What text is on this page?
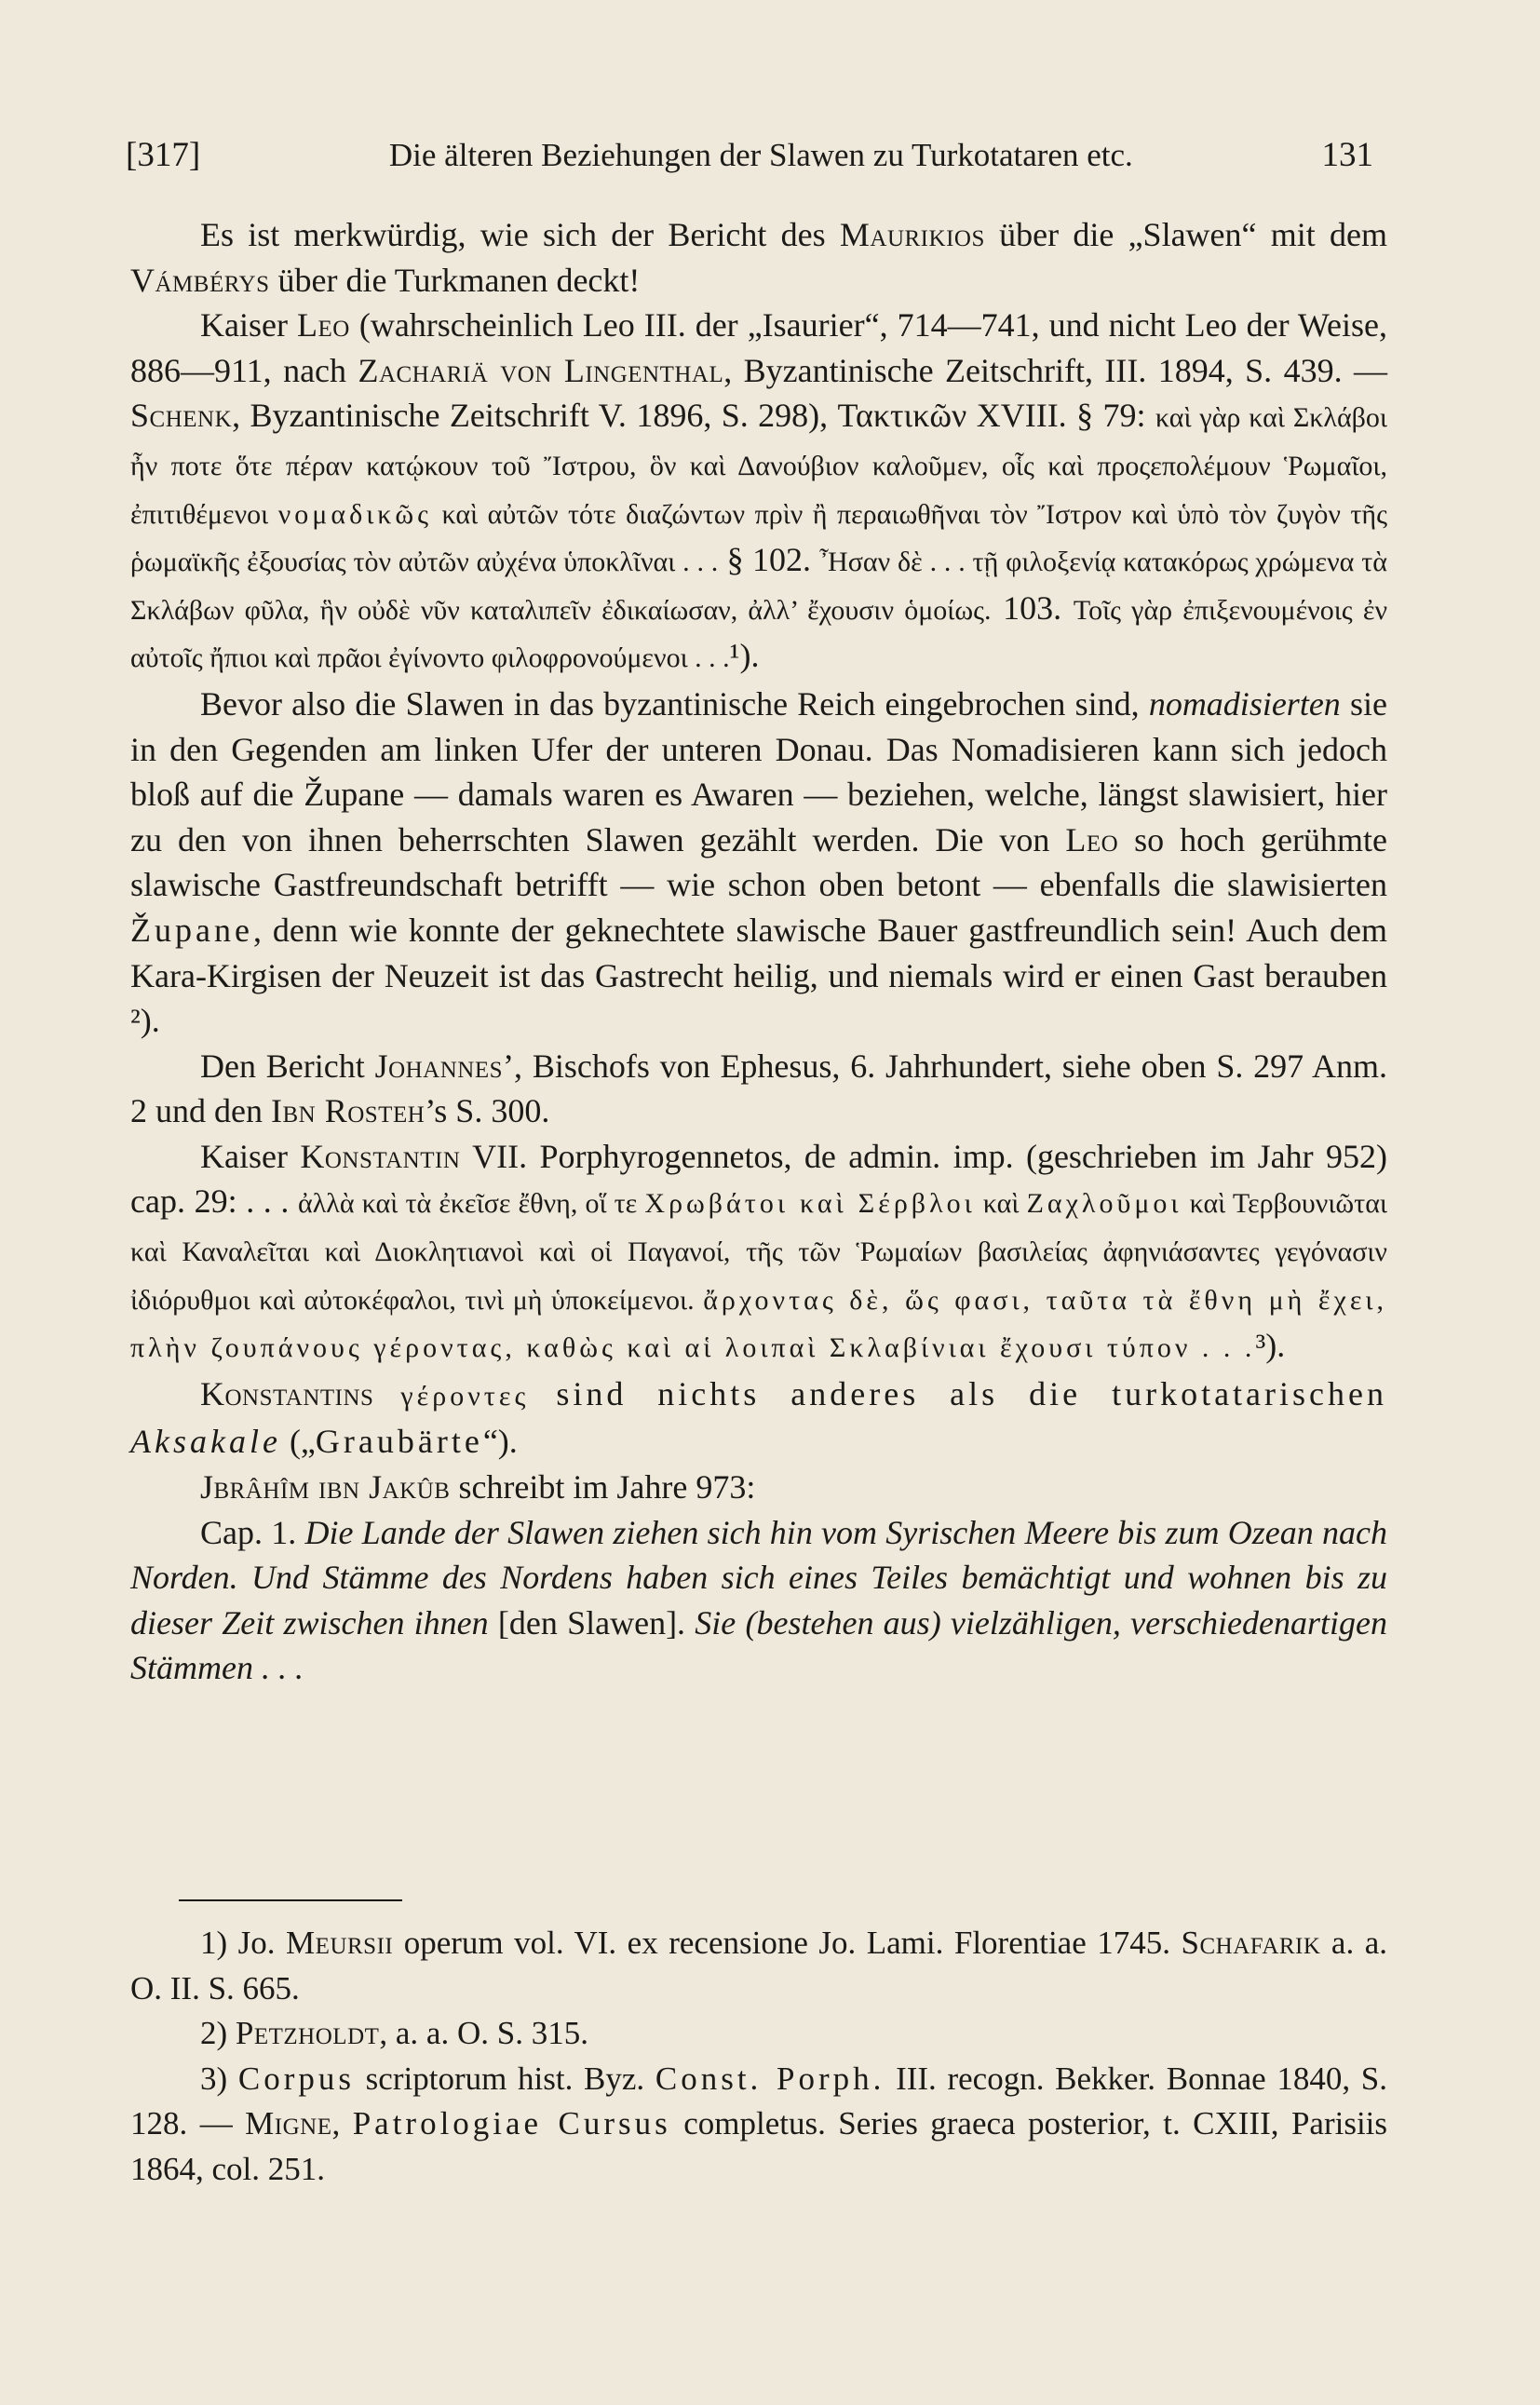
[317]	Die älteren Beziehungen der Slawen zu Turkotataren etc.	131

Es ist merkwürdig, wie sich der Bericht des Maurikios über die „Slawen“ mit dem Vámbérys über die Turkmanen deckt!

Kaiser Leo (wahrscheinlich Leo III. der „Isaurier“, 714—741, und nicht Leo der Weise, 886—911, nach Zachariä von Lingenthal, Byzantinische Zeitschrift, III. 1894, S. 439. — Schenk, Byzantinische Zeitschrift V. 1896, S. 298), Τακτικῶν XVIII. § 79: καὶ γὰρ καὶ Σκλάβοι ἦν ποτε ὅτε πέραν κατῴκουν τοῦ Ἴστρου, ὃν καὶ Δανούβιον καλοῦμεν, οἷς καὶ προςεπολέμουν Ῥωμαῖοι, ἐπιτιθέμενοι νομαδικῶς καὶ αὐτῶν τότε διαζώντων πρὶν ἢ περαιωθῆναι τὸν Ἴστρον καὶ ὑπὸ τὸν ζυγὸν τῆς ῥωμαϊκῆς ἐξουσίας τὸν αὐτῶν αὐχένα ὑποκλῖναι . . . § 102. Ἦσαν δὲ . . . τῇ φιλοξενίᾳ κατακόρως χρώμενα τὰ Σκλάβων φῦλα, ἣν οὐδὲ νῦν καταλιπεῖν ἐδικαίωσαν, ἀλλ’ ἔχουσιν ὁμοίως. 103. Τοῖς γὰρ ἐπιξενουμένοις ἐν αὐτοῖς ἤπιοι καὶ πρᾶοι ἐγίνοντο φιλοφρονούμενοι . . .¹).

Bevor also die Slawen in das byzantinische Reich eingebrochen sind, nomadisierten sie in den Gegenden am linken Ufer der unteren Donau. Das Nomadisieren kann sich jedoch bloß auf die Župane — damals waren es Awaren — beziehen, welche, längst slawisiert, hier zu den von ihnen beherrschten Slawen gezählt werden. Die von Leo so hoch gerühmte slawische Gastfreundschaft betrifft — wie schon oben betont — ebenfalls die slawisierten Župane, denn wie konnte der geknechtete slawische Bauer gastfreundlich sein! Auch dem Kara-Kirgisen der Neuzeit ist das Gastrecht heilig, und niemals wird er einen Gast berauben ²).

Den Bericht Johannes’, Bischofs von Ephesus, 6. Jahrhundert, siehe oben S. 297 Anm. 2 und den Ibn Rosteh’s S. 300.

Kaiser Konstantin VII. Porphyrogennetos, de admin. imp. (geschrieben im Jahr 952) cap. 29: . . . ἀλλὰ καὶ τὰ ἐκεῖσε ἔθνη, οἵ τε Χρωβάτοι καὶ Σέρβλοι καὶ Ζαχλοῦμοι καὶ Τερβουνιῶται καὶ Καναλεῖται καὶ Διοκλητιανοὶ καὶ οἱ Παγανοί, τῆς τῶν Ῥωμαίων βασιλείας ἀφηνιάσαντες γεγόνασιν ἰδιόρυθμοι καὶ αὐτοκέφαλοι, τινὶ μὴ ὑποκείμενοι. ἄρχοντας δὲ, ὥς φασι, ταῦτα τὰ ἔθνη μὴ ἔχει, πλὴν ζουπάνους γέροντας, καθὼς καὶ αἱ λοιπαὶ Σκλαβίνιαι ἔχουσι τύπον . . .³).

Konstantins γέροντες sind nichts anderes als die turkotatarischen Aksakale („Graubärte“).

Jbrâhîm ibn Jakûb schreibt im Jahre 973:

Cap. 1. Die Lande der Slawen ziehen sich hin vom Syrischen Meere bis zum Ozean nach Norden. Und Stämme des Nordens haben sich eines Teiles bemächtigt und wohnen bis zu dieser Zeit zwischen ihnen [den Slawen]. Sie (bestehen aus) vielzähligen, verschiedenartigen Stämmen . . .

1) Jo. Meursii operum vol. VI. ex recensione Jo. Lami. Florentiae 1745. Schafarik a. a. O. II. S. 665.

2) Petzholdt, a. a. O. S. 315.

3) Corpus scriptorum hist. Byz. Const. Porph. III. recogn. Bekker. Bonnae 1840, S. 128. — Migne, Patrologiae Cursus completus. Series graeca posterior, t. CXIII, Parisiis 1864, col. 251.
